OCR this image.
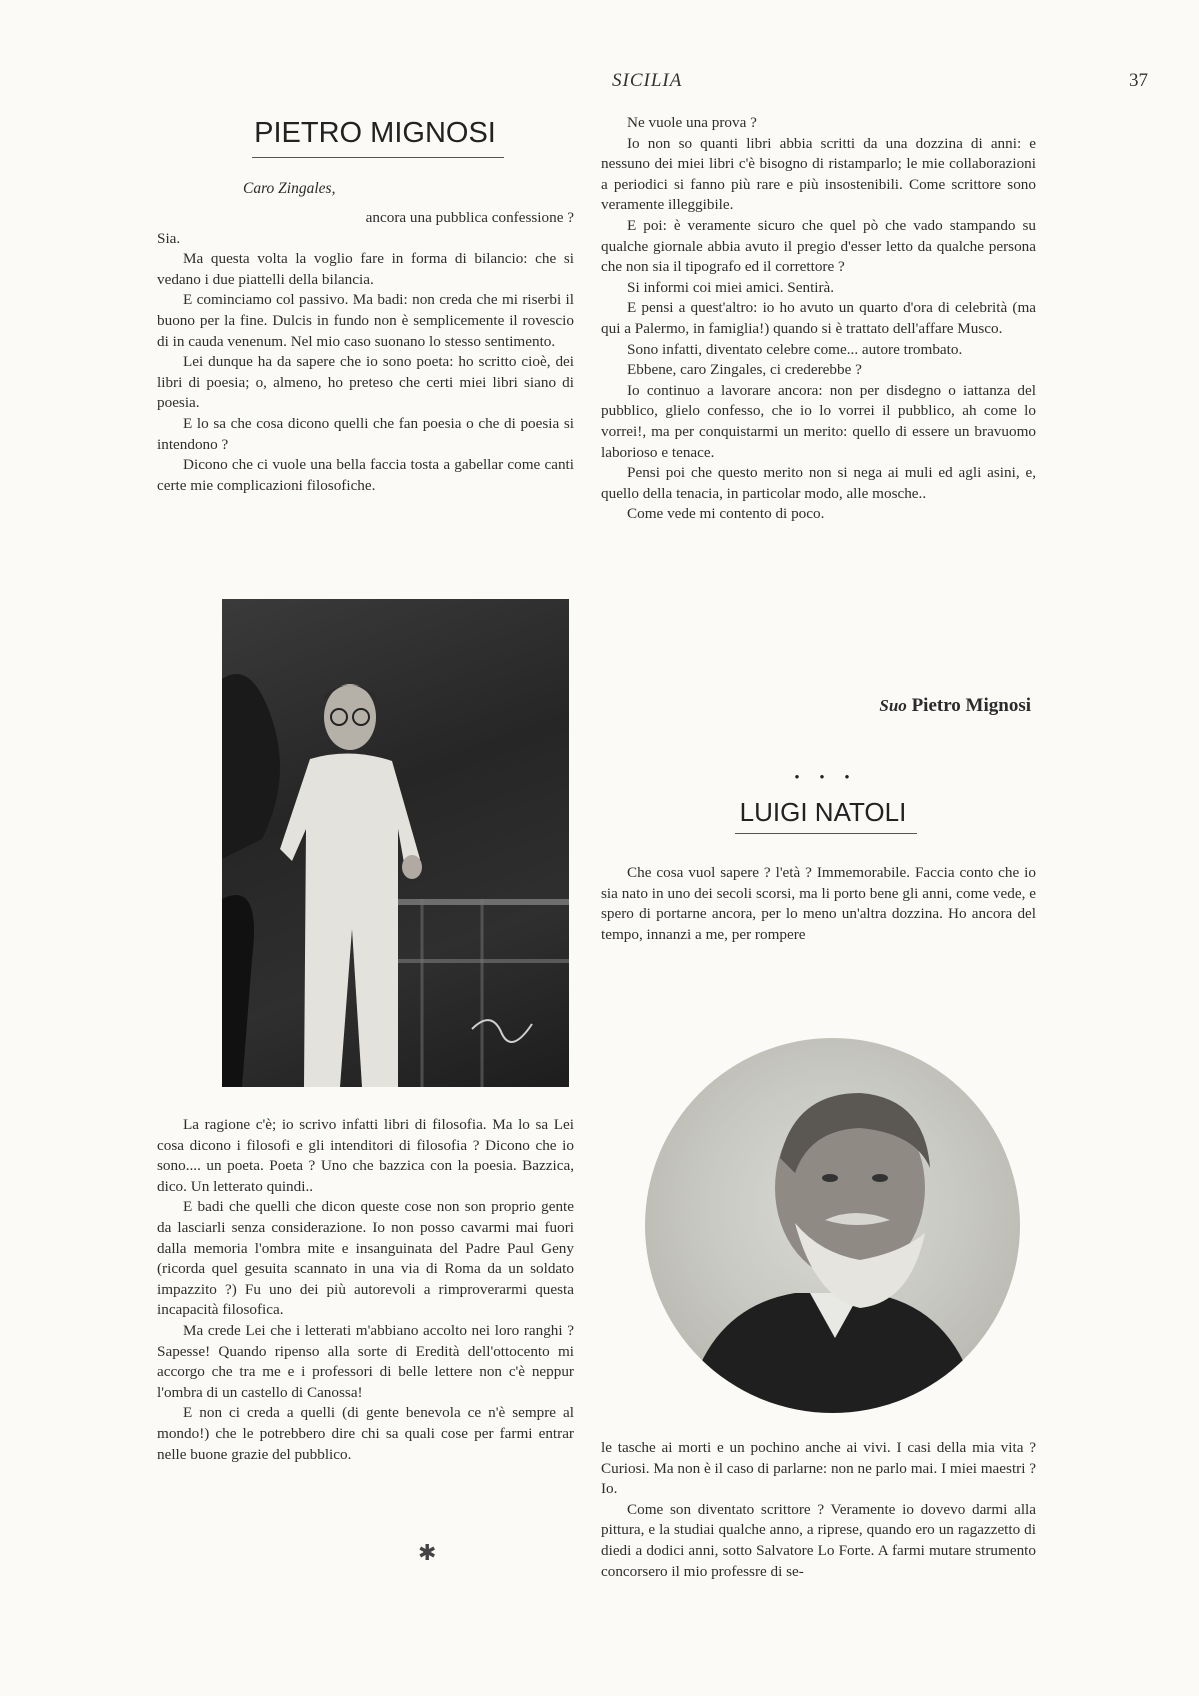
SICILIA	37
PIETRO MIGNOSI
Caro Zingales,

ancora una pubblica confessione ?

Sia.

Ma questa volta la voglio fare in forma di bilancio: che si vedano i due piattelli della bilancia.

E cominciamo col passivo. Ma badi: non creda che mi riserbi il buono per la fine. Dulcis in fundo non è semplicemente il rovescio di in cauda venenum. Nel mio caso suonano lo stesso sentimento.

Lei dunque ha da sapere che io sono poeta: ho scritto cioè, dei libri di poesia; o, almeno, ho preteso che certi miei libri siano di poesia.

E lo sa che cosa dicono quelli che fan poesia o che di poesia si intendono ?

Dicono che ci vuole una bella faccia tosta a gabellar come canti certe mie complicazioni filosofiche.

La ragione c'è; io scrivo infatti libri di filosofia. Ma lo sa Lei cosa dicono i filosofi e gli intenditori di filosofia ? Dicono che io sono.... un poeta. Poeta ? Uno che bazzica con la poesia. Bazzica, dico. Un letterato quindi..

E badi che quelli che dicon queste cose non son proprio gente da lasciarli senza considerazione. Io non posso cavarmi mai fuori dalla memoria l'ombra mite e insanguinata del Padre Paul Geny (ricorda quel gesuita scannato in una via di Roma da un soldato impazzito ?) Fu uno dei più autorevoli a rimproverarmi questa incapacità filosofica.

Ma crede Lei che i letterati m'abbiano accolto nei loro ranghi ? Sapesse! Quando ripenso alla sorte di Eredità dell'ottocento mi accorgo che tra me e i professori di belle lettere non c'è neppur l'ombra di un castello di Canossa!

E non ci creda a quelli (di gente benevola ce n'è sempre al mondo!) che le potrebbero dire chi sa quali cose per farmi entrar nelle buone grazie del pubblico.

Ne vuole una prova ?

Io non so quanti libri abbia scritti da una dozzina di anni: e nessuno dei miei libri c'è bisogno di ristamparlo; le mie collaborazioni a periodici si fanno più rare e più insostenibili. Come scrittore sono veramente illeggibile.

E poi: è veramente sicuro che quel pò che vado stampando su qualche giornale abbia avuto il pregio d'esser letto da qualche persona che non sia il tipografo ed il correttore ?

Si informi coi miei amici. Sentirà.

E pensi a quest'altro: io ho avuto un quarto d'ora di celebrità (ma qui a Palermo, in famiglia!) quando si è trattato dell'affare Musco.

Sono infatti, diventato celebre come... autore trombato.

Ebbene, caro Zingales, ci crederebbe ?

Io continuo a lavorare ancora: non per disdegno o iattanza del pubblico, glielo confesso, che io lo vorrei il pubblico, ah come lo vorrei!, ma per conquistarmi un merito: quello di essere un bravuomo laborioso e tenace.

Pensi poi che questo merito non si nega ai muli ed agli asini, e, quello della tenacia, in particolar modo, alle mosche..

Come vede mi contento di poco.

Suo Pietro Mignosi
• • •
LUIGI NATOLI

Che cosa vuol sapere ? l'età ? Immemorabile. Faccia conto che io sia nato in uno dei secoli scorsi, ma li porto bene gli anni, come vede, e spero di portarne ancora, per lo meno un'altra dozzina. Ho ancora del tempo, innanzi a me, per rompere

le tasche ai morti e un pochino anche ai vivi. I casi della mia vita ? Curiosi. Ma non è il caso di parlarne: non ne parlo mai. I miei maestri ? Io.

Come son diventato scrittore ? Veramente io dovevo darmi alla pittura, e la studiai qualche anno, a riprese, quando ero un ragazzetto di diedi a dodici anni, sotto Salvatore Lo Forte. A farmi mutare strumento concorsero il mio professre di se-

✱
